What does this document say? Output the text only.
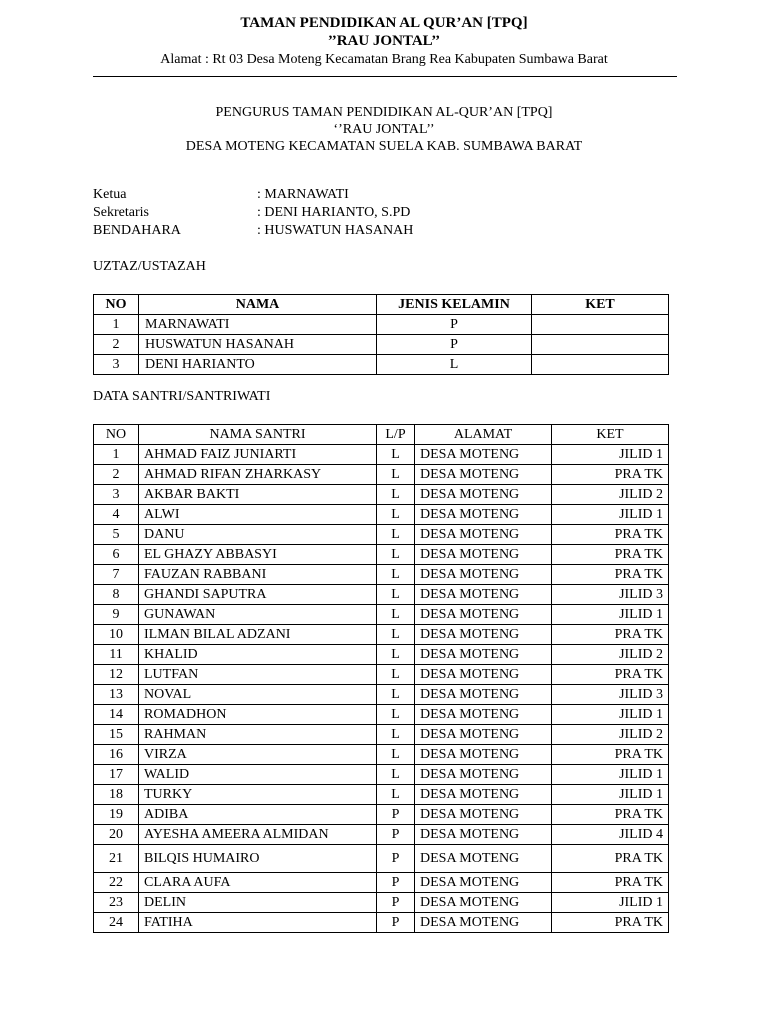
TAMAN PENDIDIKAN AL QUR’AN [TPQ]
’’RAU JONTAL’’
Alamat : Rt 03 Desa Moteng Kecamatan Brang Rea Kabupaten Sumbawa Barat
PENGURUS TAMAN PENDIDIKAN AL-QUR’AN [TPQ]
‘’RAU JONTAL’’
DESA MOTENG KECAMATAN SUELA KAB. SUMBAWA BARAT
Ketua	: MARNAWATI
Sekretaris	: DENI HARIANTO, S.PD
BENDAHARA	: HUSWATUN HASANAH
UZTAZ/USTAZAH
NO	NAMA	JENIS KELAMIN	KET
1	MARNAWATI	P	
2	HUSWATUN HASANAH	P	
3	DENI HARIANTO	L	
DATA SANTRI/SANTRIWATI
NO	NAMA SANTRI	L/P	ALAMAT	KET
1	AHMAD FAIZ JUNIARTI	L	DESA MOTENG	JILID 1
2	AHMAD RIFAN ZHARKASY	L	DESA MOTENG	PRA TK
3	AKBAR BAKTI	L	DESA MOTENG	JILID 2
4	ALWI	L	DESA MOTENG	JILID 1
5	DANU	L	DESA MOTENG	PRA TK
6	EL GHAZY ABBASYI	L	DESA MOTENG	PRA TK
7	FAUZAN RABBANI	L	DESA MOTENG	PRA TK
8	GHANDI SAPUTRA	L	DESA MOTENG	JILID 3
9	GUNAWAN	L	DESA MOTENG	JILID 1
10	ILMAN BILAL ADZANI	L	DESA MOTENG	PRA TK
11	KHALID	L	DESA MOTENG	JILID 2
12	LUTFAN	L	DESA MOTENG	PRA TK
13	NOVAL	L	DESA MOTENG	JILID 3
14	ROMADHON	L	DESA MOTENG	JILID 1
15	RAHMAN	L	DESA MOTENG	JILID 2
16	VIRZA	L	DESA MOTENG	PRA TK
17	WALID	L	DESA MOTENG	JILID 1
18	TURKY	L	DESA MOTENG	JILID 1
19	ADIBA	P	DESA MOTENG	PRA TK
20	AYESHA AMEERA ALMIDAN	P	DESA MOTENG	JILID 4
21	BILQIS HUMAIRO	P	DESA MOTENG	PRA TK
22	CLARA AUFA	P	DESA MOTENG	PRA TK
23	DELIN	P	DESA MOTENG	JILID 1
24	FATIHA	P	DESA MOTENG	PRA TK
